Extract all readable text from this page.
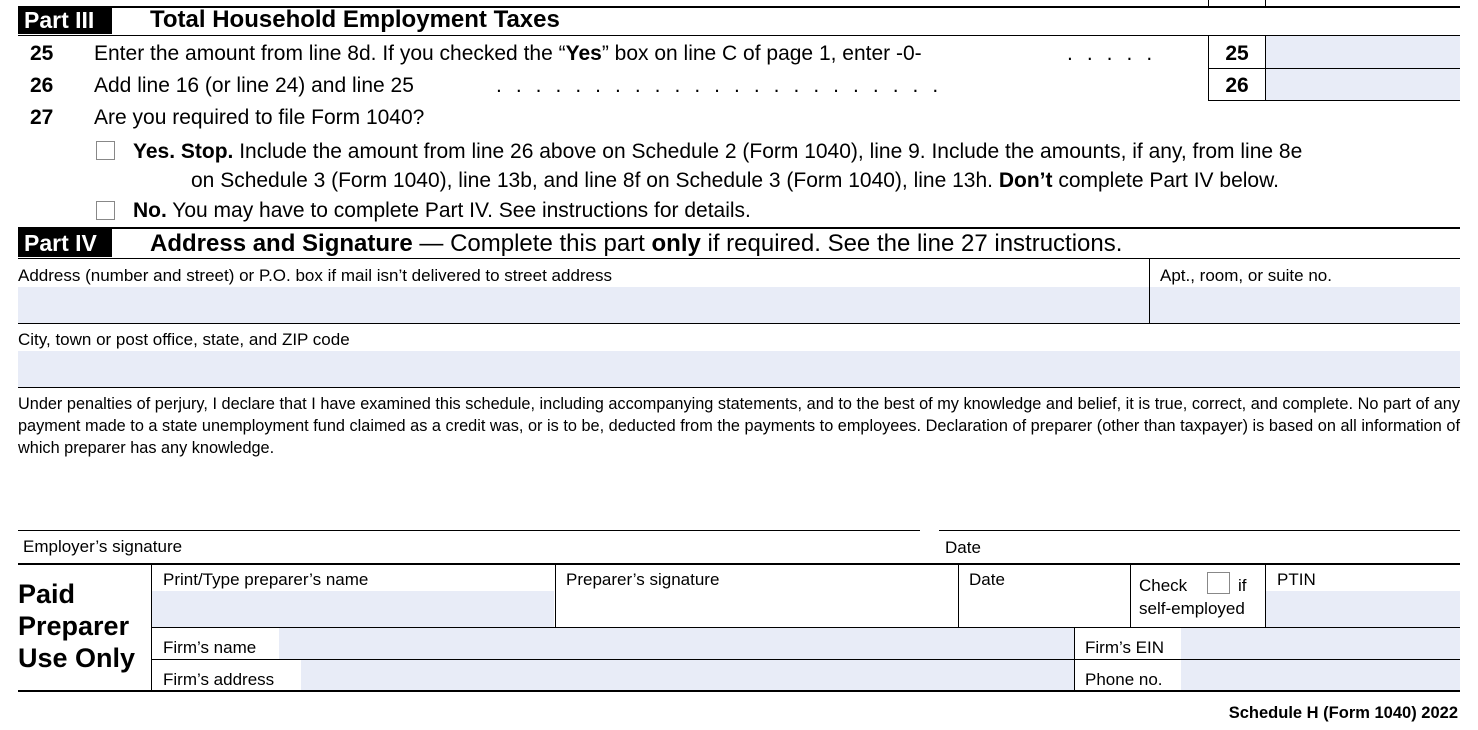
Part III	Total Household Employment Taxes
25 Enter the amount from line 8d. If you checked the “Yes” box on line C of page 1, enter -0-	.....	25
26 Add line 16 (or line 24) and line 25	.......................	26
27 Are you required to file Form 1040?
Yes. Stop. Include the amount from line 26 above on Schedule 2 (Form 1040), line 9. Include the amounts, if any, from line 8e
on Schedule 3 (Form 1040), line 13b, and line 8f on Schedule 3 (Form 1040), line 13h. Don’t complete Part IV below.
No. You may have to complete Part IV. See instructions for details.
Part IV	Address and Signature — Complete this part only if required. See the line 27 instructions.
Address (number and street) or P.O. box if mail isn’t delivered to street address	Apt., room, or suite no.
City, town or post office, state, and ZIP code
Under penalties of perjury, I declare that I have examined this schedule, including accompanying statements, and to the best of my knowledge and belief, it is true, correct, and complete. No part of any payment made to a state unemployment fund claimed as a credit was, or is to be, deducted from the payments to employees. Declaration of preparer (other than taxpayer) is based on all information of which preparer has any knowledge.
Employer’s signature	Date
Paid
Preparer
Use Only
Print/Type preparer’s name	Preparer’s signature	Date	Check	if
self-employed
PTIN
Firm’s name	Firm’s EIN
Firm’s address	Phone no.
Schedule H (Form 1040) 2022
